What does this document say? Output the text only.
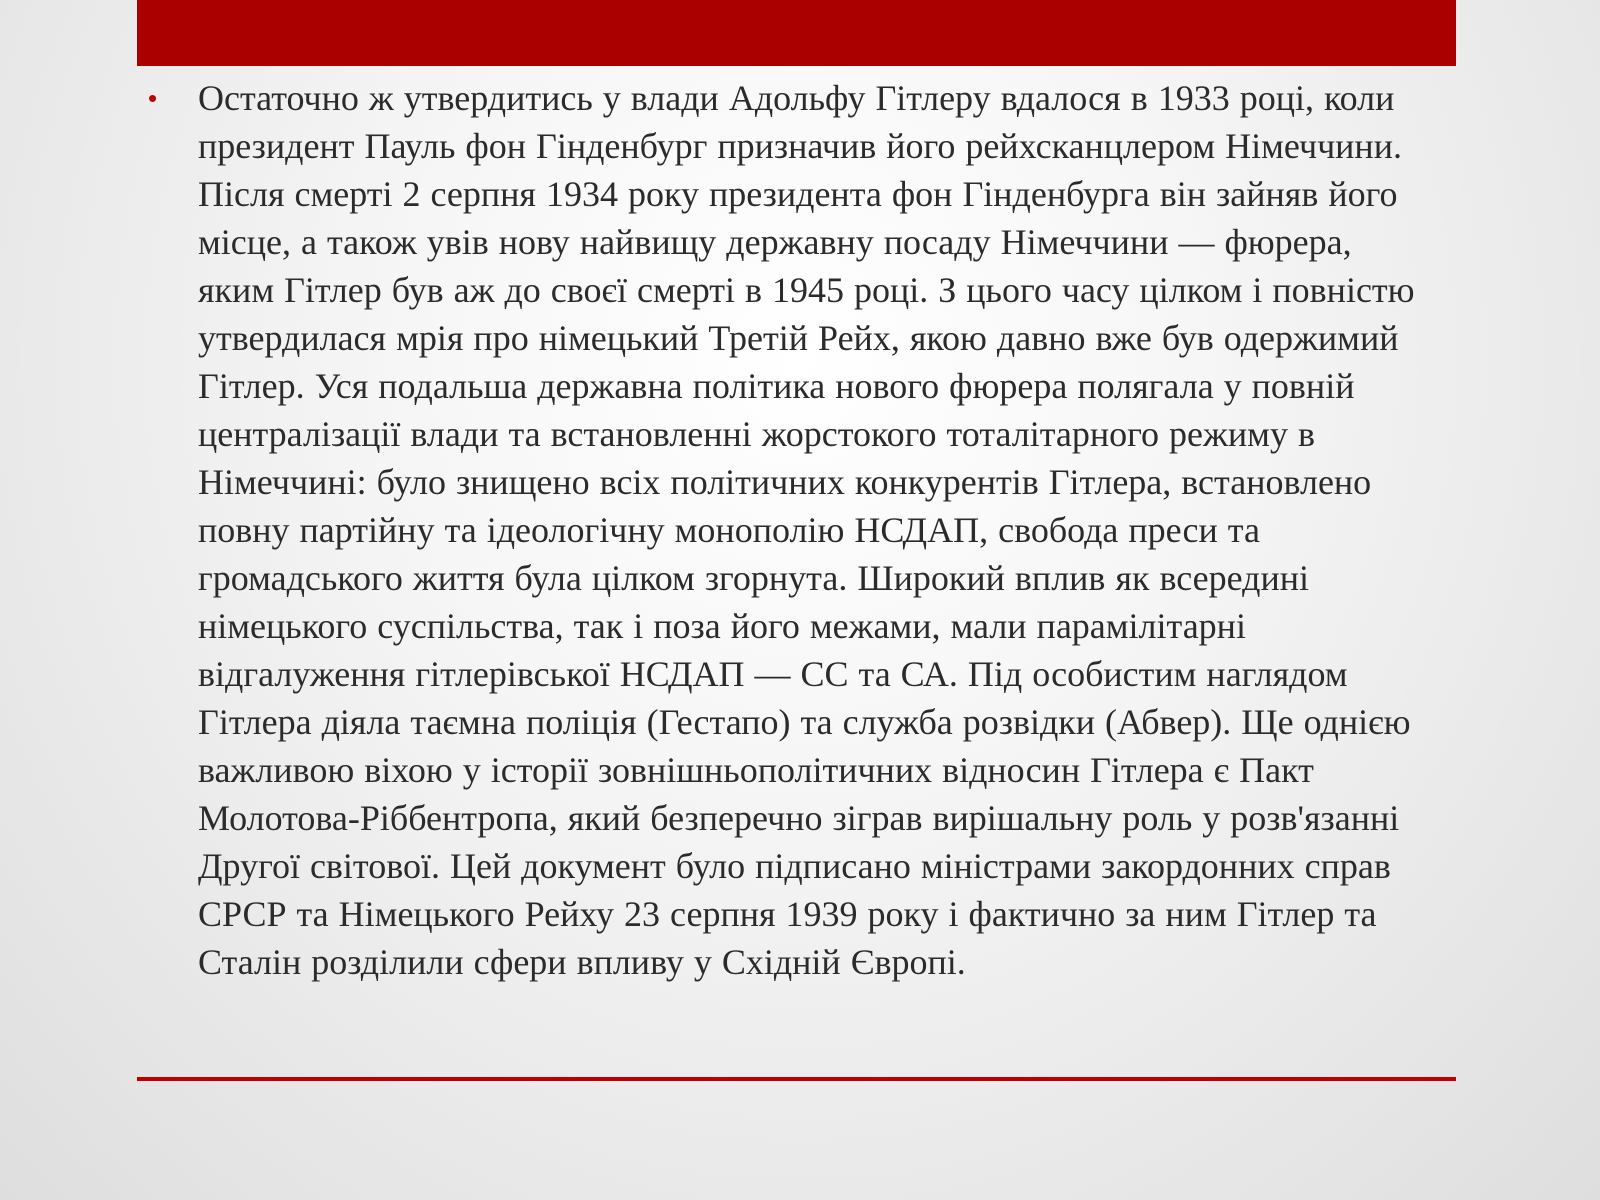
• Остаточно ж утвердитись у влади Адольфу Гітлеру вдалося в 1933 році, коли президент Пауль фон Гінденбург призначив його рейхсканцлером Німеччини. Після смерті 2 серпня 1934 року президента фон Гінденбурга він зайняв його місце, а також увів нову найвищу державну посаду Німеччини — фюрера, яким Гітлер був аж до своєї смерті в 1945 році. З цього часу цілком і повністю утвердилася мрія про німецький Третій Рейх, якою давно вже був одержимий Гітлер. Уся подальша державна політика нового фюрера полягала у повній централізації влади та встановленні жорстокого тоталітарного режиму в Німеччині: було знищено всіх політичних конкурентів Гітлера, встановлено повну партійну та ідеологічну монополію НСДАП, свобода преси та громадського життя була цілком згорнута. Широкий вплив як всередині німецького суспільства, так і поза його межами, мали парамілітарні відгалуження гітлерівської НСДАП — СС та СА. Під особистим наглядом Гітлера діяла таємна поліція (Гестапо) та служба розвідки (Абвер). Ще однією важливою віхою у історії зовнішньополітичних відносин Гітлера є Пакт Молотова-Ріббентропа, який безперечно зіграв вирішальну роль у розв'язанні Другої світової. Цей документ було підписано міністрами закордонних справ СРСР та Німецького Рейху 23 серпня 1939 року і фактично за ним Гітлер та Сталін розділили сфери впливу у Східній Європі.
